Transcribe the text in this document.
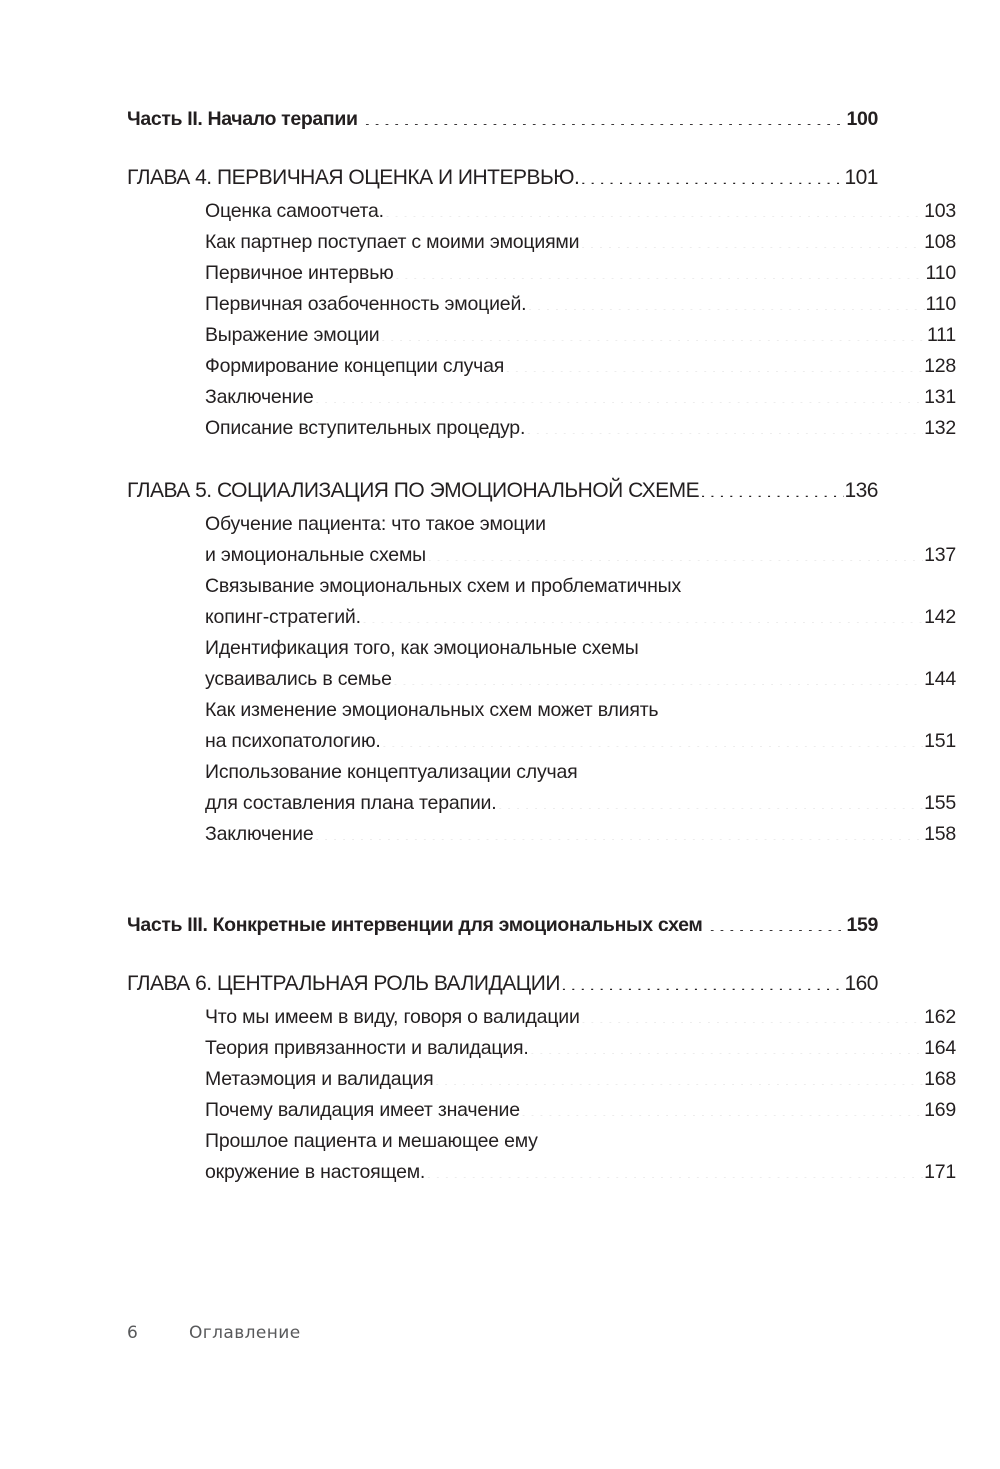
Часть II. Начало терапии .....	100
ГЛАВА 4. ПЕРВИЧНАЯ ОЦЕНКА И ИНТЕРВЬЮ. .....	101
Оценка самоотчета. .....	103
Как партнер поступает с моими эмоциями .....	108
Первичное интервью .....	110
Первичная озабоченность эмоцией. .....	110
Выражение эмоции .....	111
Формирование концепции случая .....	128
Заключение .....	131
Описание вступительных процедур. .....	132
ГЛАВА 5. СОЦИАЛИЗАЦИЯ ПО ЭМОЦИОНАЛЬНОЙ СХЕМЕ .....	136
Обучение пациента: что такое эмоции
и эмоциональные схемы .....	137
Связывание эмоциональных схем и проблематичных
копинг-стратегий. .....	142
Идентификация того, как эмоциональные схемы
усваивались в семье .....	144
Как изменение эмоциональных схем может влиять
на психопатологию. .....	151
Использование концептуализации случая
для составления плана терапии. .....	155
Заключение .....	158
Часть III. Конкретные интервенции для эмоциональных схем .....	159
ГЛАВА 6. ЦЕНТРАЛЬНАЯ РОЛЬ ВАЛИДАЦИИ .....	160
Что мы имеем в виду, говоря о валидации .....	162
Теория привязанности и валидация. .....	164
Метаэмоция и валидация .....	168
Почему валидация имеет значение .....	169
Прошлое пациента и мешающее ему
окружение в настоящем. .....	171
6	Оглавление
